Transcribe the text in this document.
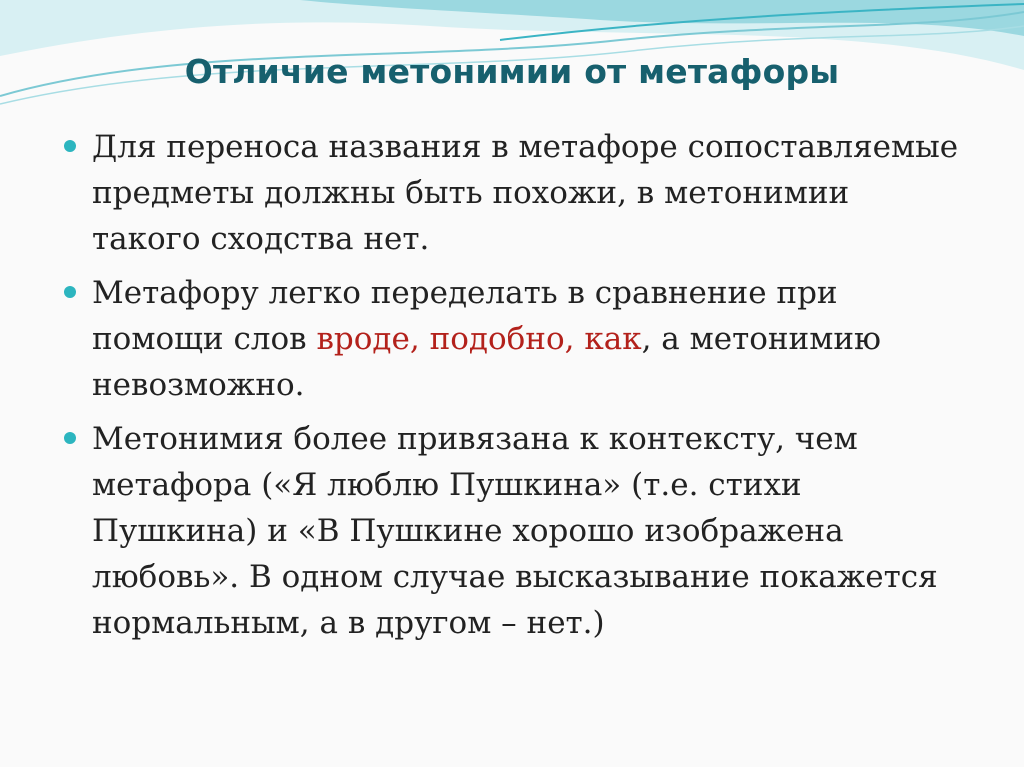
Отличие метонимии от метафоры
Для переноса названия в метафоре сопоставляемые предметы должны быть похожи, в метонимии такого сходства нет.
Метафору легко переделать в сравнение при помощи слов вроде, подобно, как, а метонимию невозможно.
Метонимия более привязана к контексту, чем метафора («Я люблю Пушкина» (т.е. стихи Пушкина) и «В Пушкине хорошо изображена любовь». В одном случае высказывание покажется нормальным, а в другом – нет.)
